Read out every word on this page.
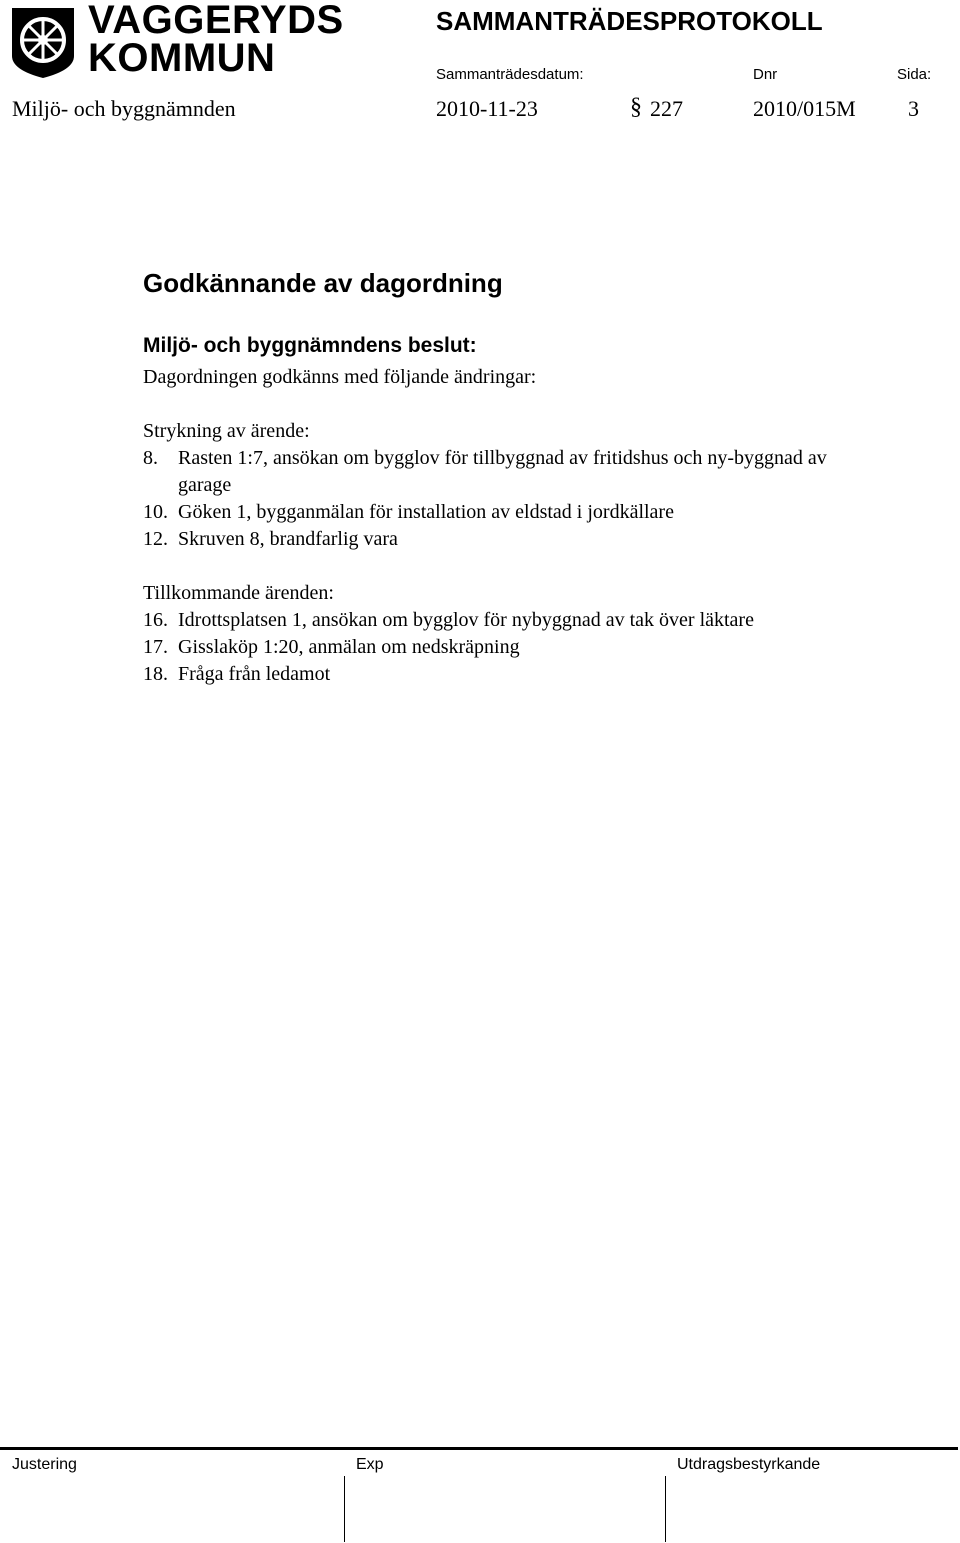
VAGGERYDS
KOMMUN
SAMMANTRÄDESPROTOKOLL
Sammanträdesdatum:	Dnr	Sida:
Miljö- och byggnämnden	2010-11-23	§ 227	2010/015M 3
Godkännande av dagordning
Miljö- och byggnämndens beslut:
Dagordningen godkänns med följande ändringar:
Strykning av ärende:
8.	Rasten 1:7, ansökan om bygglov för tillbyggnad av fritidshus och ny-byggnad av garage
10. Göken 1, bygganmälan för installation av eldstad i jordkällare
12. Skruven 8, brandfarlig vara
Tillkommande ärenden:
16. Idrottsplatsen 1, ansökan om bygglov för nybyggnad av tak över läktare
17. Gisslaköp 1:20, anmälan om nedskräpning
18. Fråga från ledamot
Justering	Exp	Utdragsbestyrkande
